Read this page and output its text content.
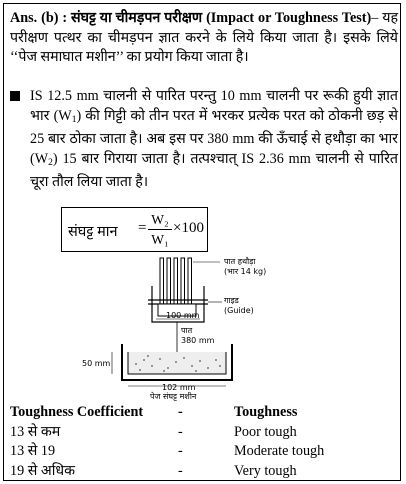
Ans. (b) : संघट्ट या चीमड़पन परीक्षण (Impact or Toughness Test)– यह परीक्षण पत्थर का चीमड़पन ज्ञात करने के लिये किया जाता है। इसके लिये ‘‘पेज समाघात मशीन’’ का प्रयोग किया जाता है।
IS 12.5 mm चालनी से पारित परन्तु 10 mm चालनी पर रूकी हुयी ज्ञात भार $(W_1)$ की गिट्टी को तीन परत में भरकर प्रत्येक परत को ठोकनी छड़ से 25 बार ठोका जाता है। अब इस पर 380 mm की ऊँचाई से हथौड़ा का भार $(W_2)$ 15 बार गिराया जाता है। तत्पश्चात् IS 2.36 mm चालनी से पारित चूरा तौल लिया जाता है।
संघट्ट मान = $\frac{\text{W₂}}{\text{W₁}} \times 100$
पात हथौड़ा
(भार 14 kg)
गाइड
(Guide)
100 mm
पात
380 mm
50 mm
102 mm
पेज संघट्ट मशीन
Toughness Coefficient -	Toughness
13 से कम	-	Poor tough
13 से 19	-	Moderate tough
19 से अधिक	-	Very tough
